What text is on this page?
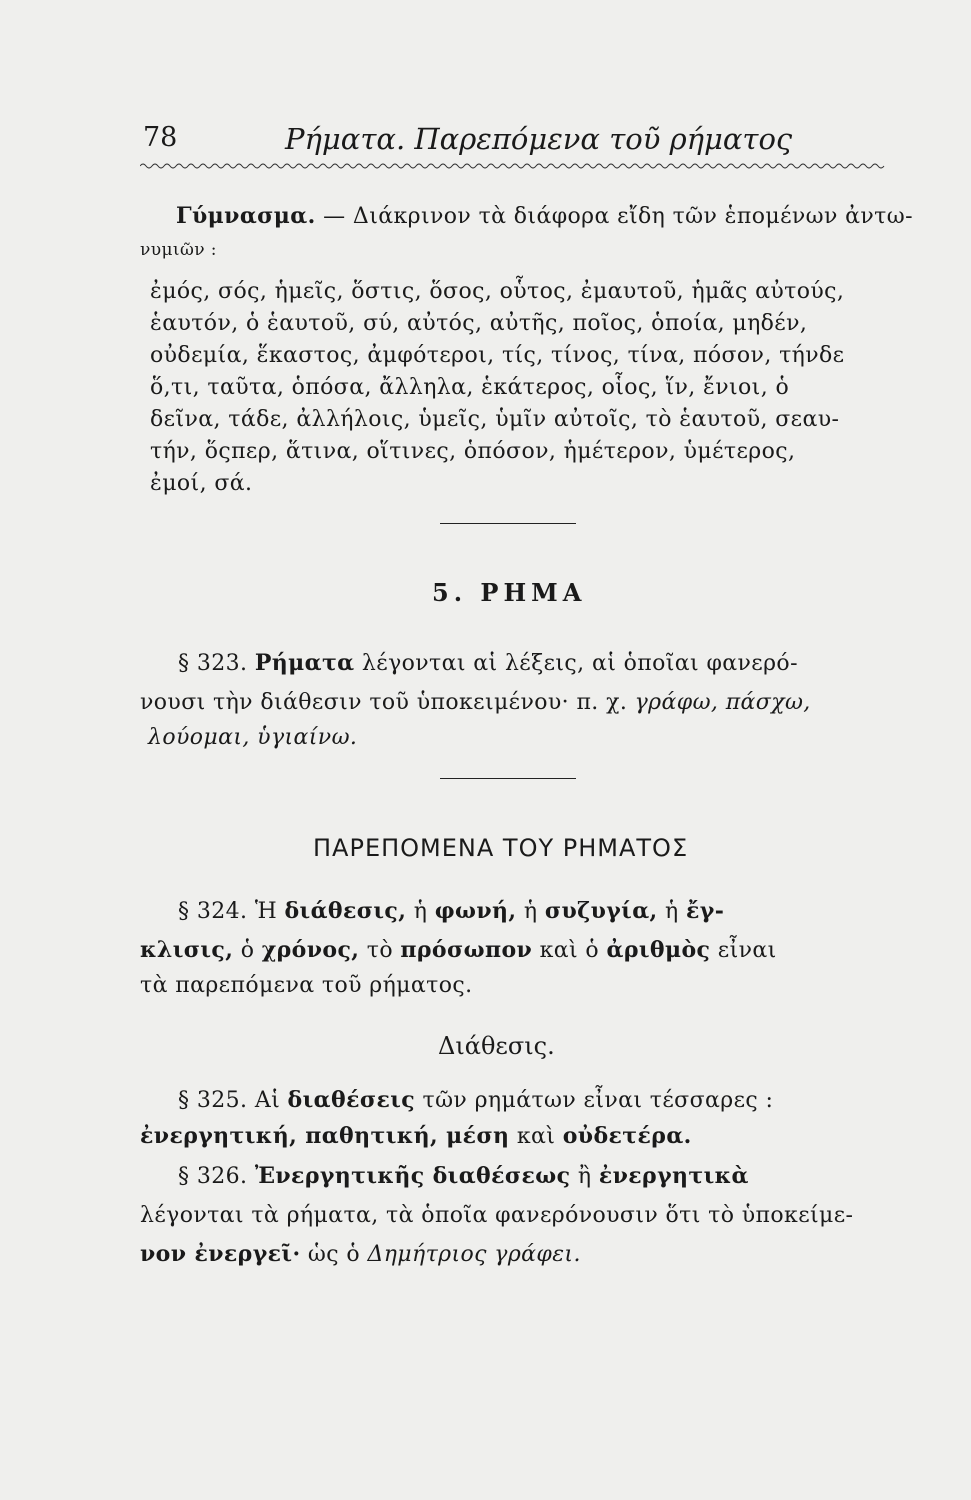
78	Ρήματα. Παρεπόμενα τοῦ ρήματος
Γύμνασμα. — Διάκρινον τὰ διάφορα εἴδη τῶν ἑπομένων ἀντω-
νυμιῶν :
ἐμός, σός, ἡμεῖς, ὅστις, ὅσος, οὗτος, ἐμαυτοῦ, ἡμᾶς αὐτούς,
ἑαυτόν, ὁ ἑαυτοῦ, σύ, αὐτός, αὐτῆς, ποῖος, ὁποία, μηδέν,
οὐδεμία, ἕκαστος, ἀμφότεροι, τίς, τίνος, τίνα, πόσον, τήνδε
ὅ,τι, ταῦτα, ὁπόσα, ἄλληλα, ἑκάτερος, οἷος, ἵν, ἔνιοι, ὁ
δεῖνα, τάδε, ἀλλήλοις, ὑμεῖς, ὑμῖν αὐτοῖς, τὸ ἑαυτοῦ, σεαυ-
τήν, ὅςπερ, ἅτινα, οἵτινες, ὁπόσον, ἡμέτερον, ὑμέτερος,
ἐμοί, σά.
5. ΡΗΜΑ
§ 323. Ρήματα λέγονται αἱ λέξεις, αἱ ὁποῖαι φανερό-
νουσι τὴν διάθεσιν τοῦ ὑποκειμένου· π. χ. γράφω, πάσχω,
λούομαι, ὑγιαίνω.
ΠΑΡΕΠΟΜΕΝΑ ΤΟΥ ΡΗΜΑΤΟΣ
§ 324. Ἡ διάθεσις, ἡ φωνή, ἡ συζυγία, ἡ ἔγ-
κλισις, ὁ χρόνος, τὸ πρόσωπον καὶ ὁ ἀριθμὸς εἶναι
τὰ παρεπόμενα τοῦ ρήματος.
Διάθεσις.
§ 325. Αἱ διαθέσεις τῶν ρημάτων εἶναι τέσσαρες :
ἐνεργητική, παθητική, μέση καὶ οὐδετέρα.
§ 326. Ἐνεργητικῆς διαθέσεως ἢ ἐνεργητικὰ
λέγονται τὰ ρήματα, τὰ ὁποῖα φανερόνουσιν ὅτι τὸ ὑποκείμε-
νον ἐνεργεῖ· ὡς ὁ Δημήτριος γράφει.
